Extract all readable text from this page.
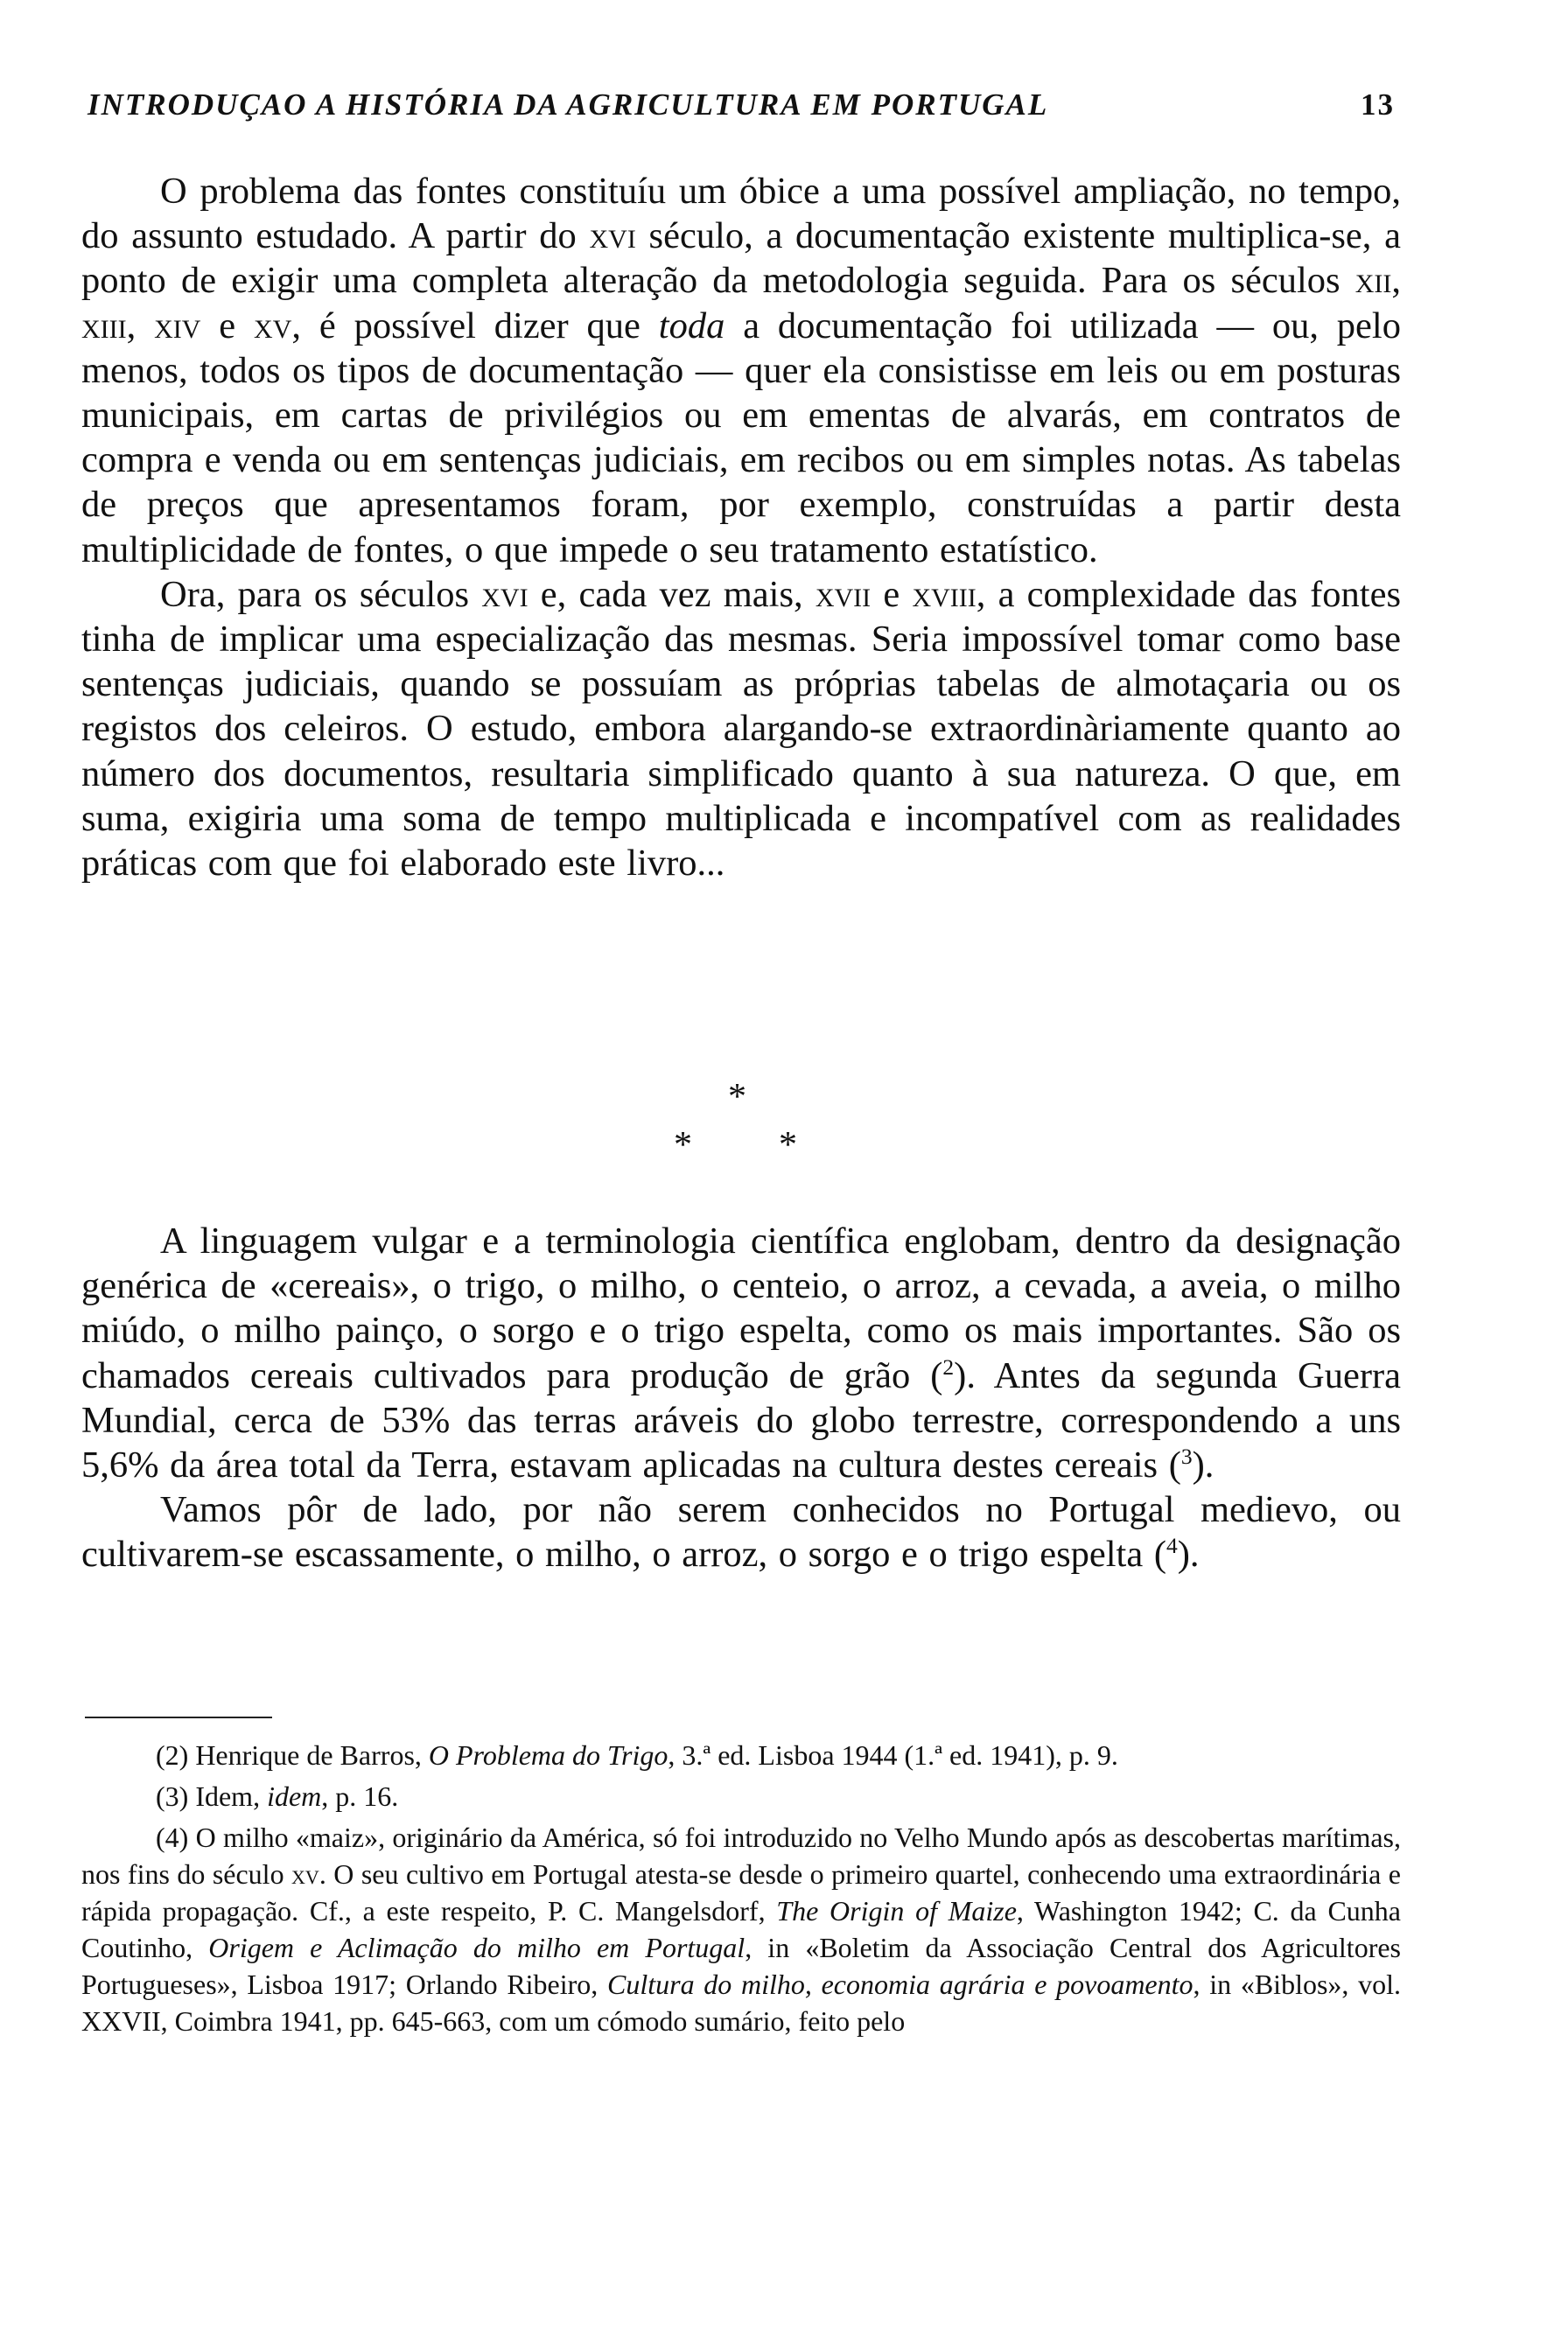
INTRODUÇAO A HISTÓRIA DA AGRICULTURA EM PORTUGAL	13

O problema das fontes constituíu um óbice a uma possível ampliação, no tempo, do assunto estudado. A partir do xvi século, a documentação existente multiplica-se, a ponto de exigir uma completa alteração da metodologia seguida. Para os séculos xii, xiii, xiv e xv, é possível dizer que toda a documentação foi utilizada — ou, pelo menos, todos os tipos de documentação — quer ela consistisse em leis ou em posturas municipais, em cartas de privilégios ou em ementas de alvarás, em contratos de compra e venda ou em sentenças judiciais, em recibos ou em simples notas. As tabelas de preços que apresentamos foram, por exemplo, construídas a partir desta multiplicidade de fontes, o que impede o seu tratamento estatístico.

Ora, para os séculos xvi e, cada vez mais, xvii e xviii, a complexidade das fontes tinha de implicar uma especialização das mesmas. Seria impossível tomar como base sentenças judiciais, quando se possuíam as próprias tabelas de almotaçaria ou os registos dos celeiros. O estudo, embora alargando-se extraordinàriamente quanto ao número dos documentos, resultaria simplificado quanto à sua natureza. O que, em suma, exigiria uma soma de tempo multiplicada e incompatível com as realidades práticas com que foi elaborado este livro...

*
* *

A linguagem vulgar e a terminologia científica englobam, dentro da designação genérica de «cereais», o trigo, o milho, o centeio, o arroz, a cevada, a aveia, o milho miúdo, o milho painço, o sorgo e o trigo espelta, como os mais importantes. São os chamados cereais cultivados para produção de grão ($^2$). Antes da segunda Guerra Mundial, cerca de 53% das terras aráveis do globo terrestre, correspondendo a uns 5,6% da área total da Terra, estavam aplicadas na cultura destes cereais ($^3$).

Vamos pôr de lado, por não serem conhecidos no Portugal medievo, ou cultivarem-se escassamente, o milho, o arroz, o sorgo e o trigo espelta ($^4$).

(2) Henrique de Barros, O Problema do Trigo, 3.ª ed. Lisboa 1944 (1.ª ed. 1941), p. 9.

(3) Idem, idem, p. 16.

(4) O milho «maiz», originário da América, só foi introduzido no Velho Mundo após as descobertas marítimas, nos fins do século xv. O seu cultivo em Portugal atesta-se desde o primeiro quartel, conhecendo uma extraordinária e rápida propagação. Cf., a este respeito, P. C. Mangelsdorf, The Origin of Maize, Washington 1942; C. da Cunha Coutinho, Origem e Aclimação do milho em Portugal, in «Boletim da Associação Central dos Agricultores Portugueses», Lisboa 1917; Orlando Ribeiro, Cultura do milho, economia agrária e povoamento, in «Biblos», vol. XXVII, Coimbra 1941, pp. 645-663, com um cómodo sumário, feito pelo
